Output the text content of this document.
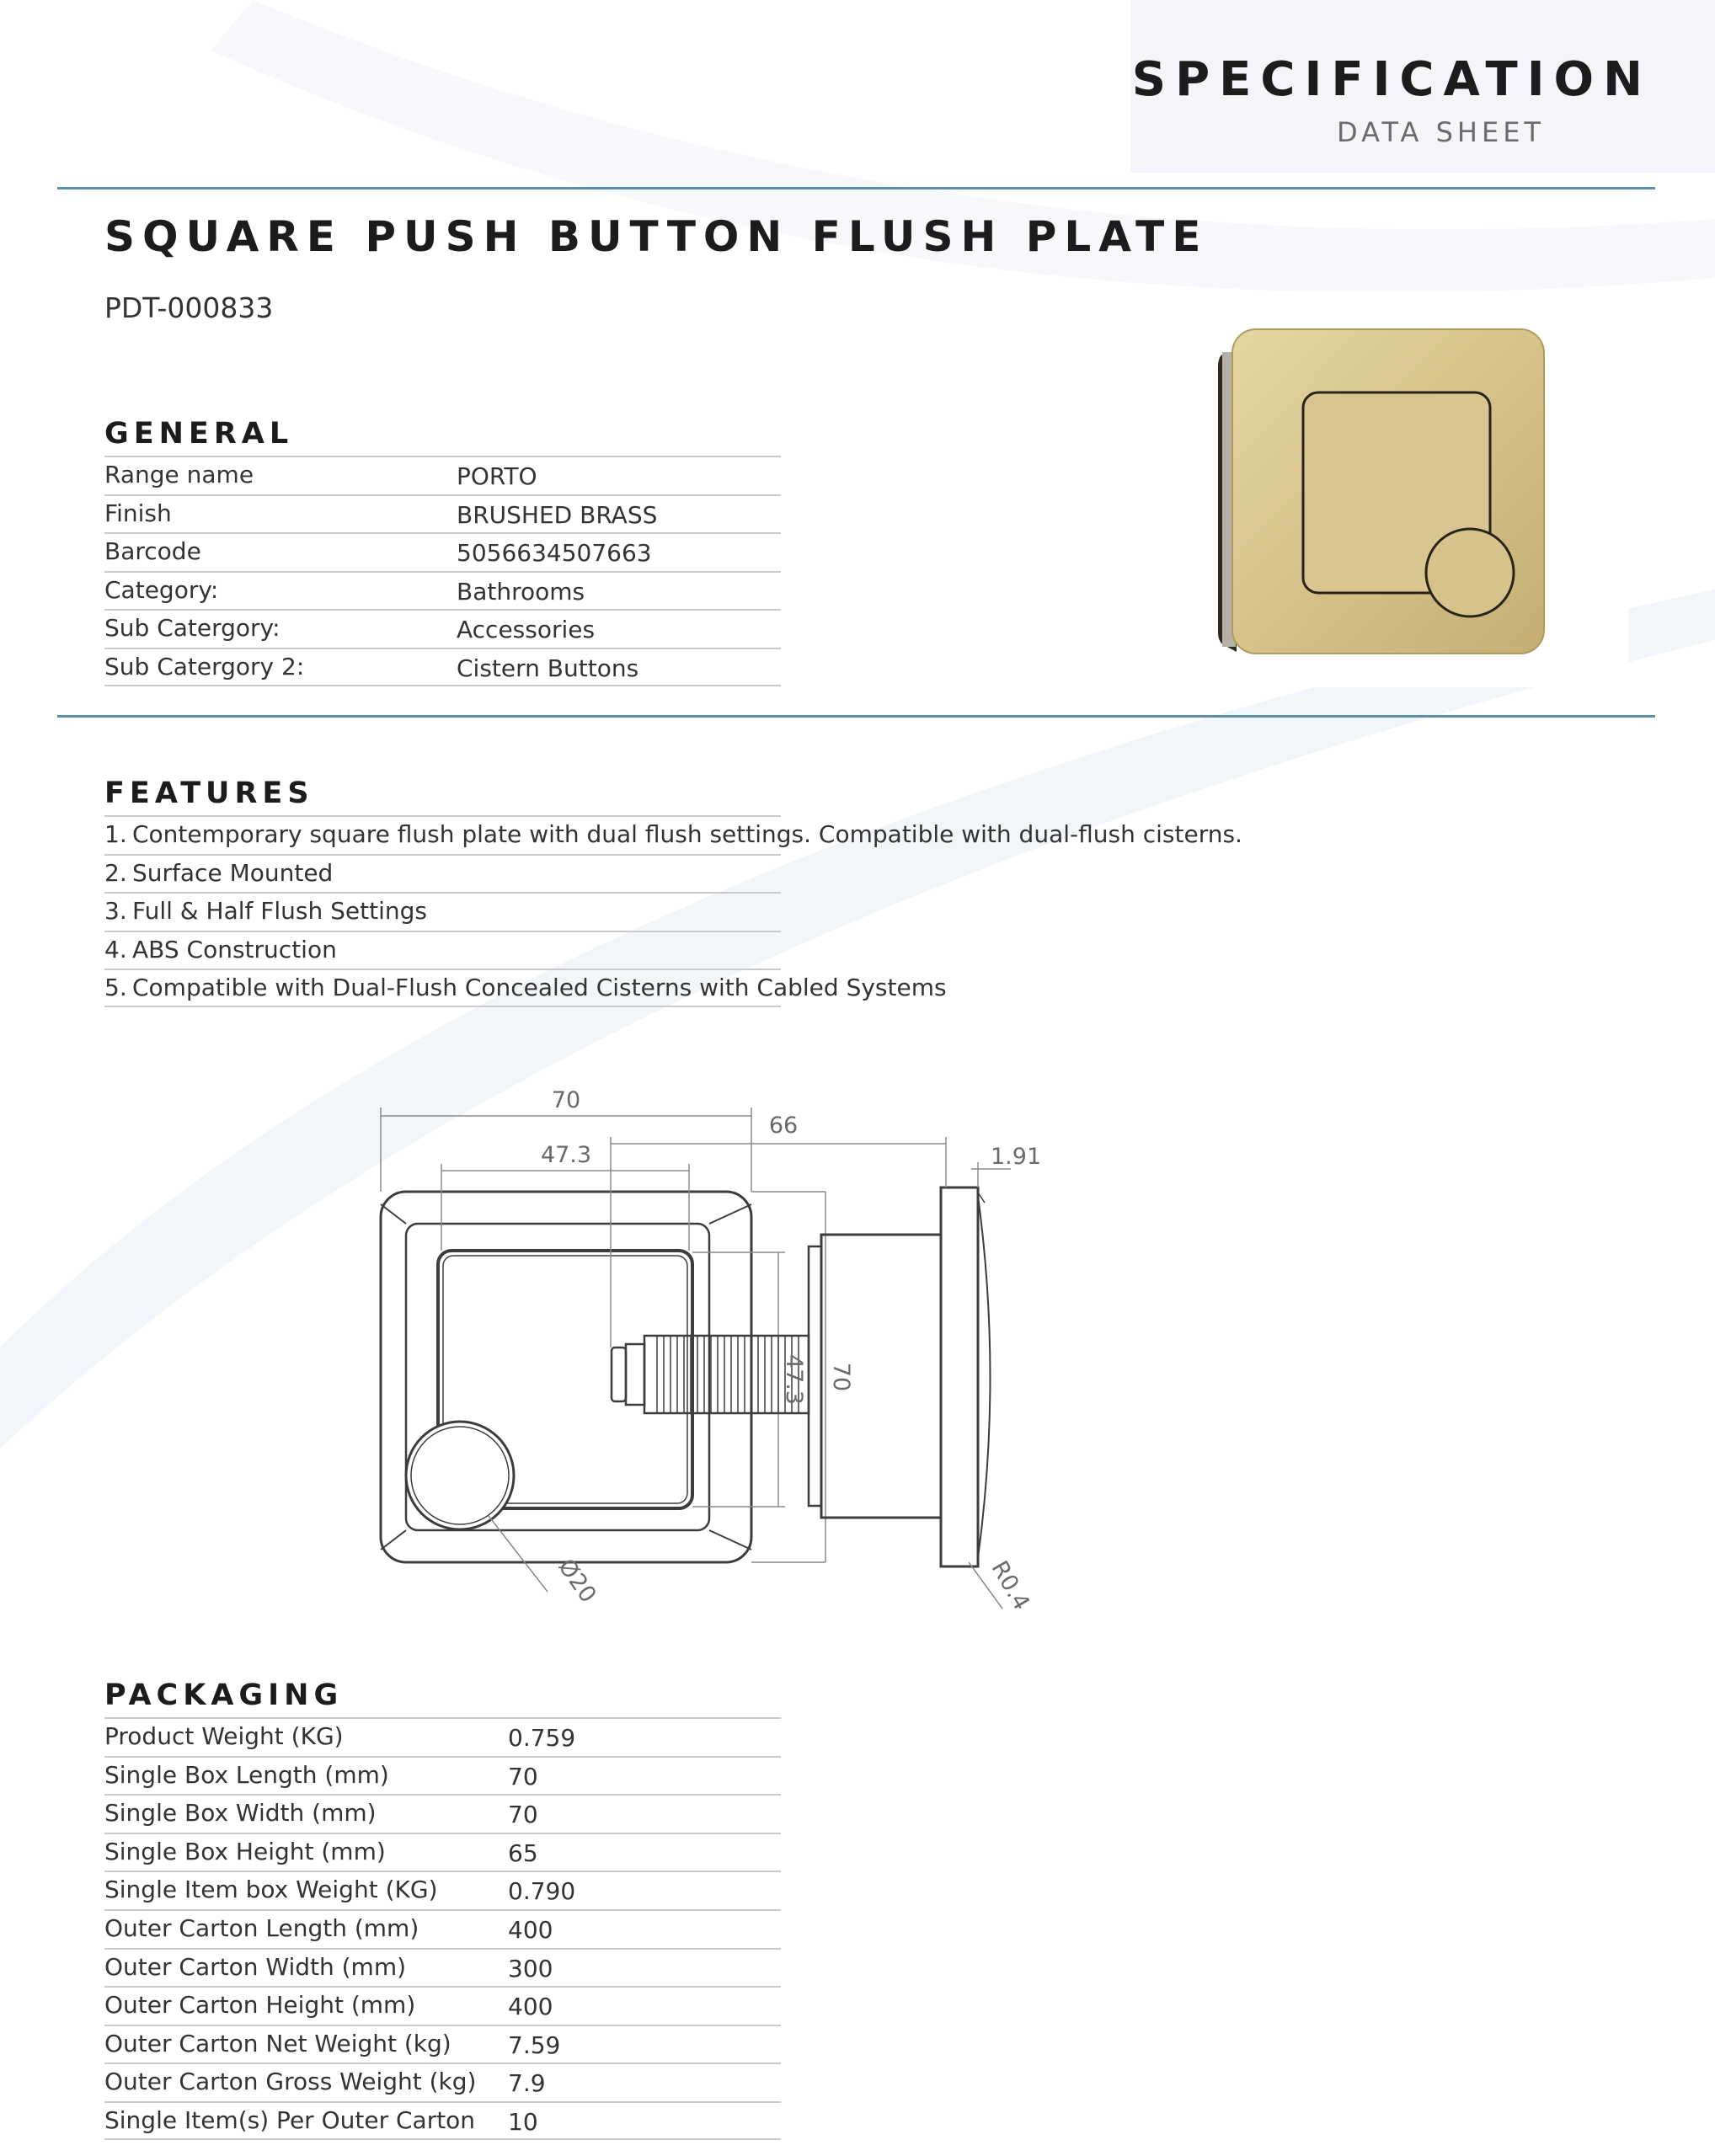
SPECIFICATION
DATA SHEET
SQUARE PUSH BUTTON FLUSH PLATE
PDT-000833
GENERAL
Range name	PORTO
Finish	BRUSHED BRASS
Barcode	5056634507663
Category:	Bathrooms
Sub Catergory:	Accessories
Sub Catergory 2:	Cistern Buttons
FEATURES
1. Contemporary square flush plate with dual flush settings. Compatible with dual-flush cisterns.
2. Surface Mounted
3. Full & Half Flush Settings
4. ABS Construction
5. Compatible with Dual-Flush Concealed Cisterns with Cabled Systems
70
47.3
47.3 70
Ø20
66
1.91
R0.4
PACKAGING
Product Weight (KG)	0.759
Single Box Length (mm)	70
Single Box Width (mm)	70
Single Box Height (mm)	65
Single Item box Weight (KG)	0.790
Outer Carton Length (mm)	400
Outer Carton Width (mm)	300
Outer Carton Height (mm)	400
Outer Carton Net Weight (kg) 7.59
Outer Carton Gross Weight (kg) 7.9
Single Item(s) Per Outer Carton 10
